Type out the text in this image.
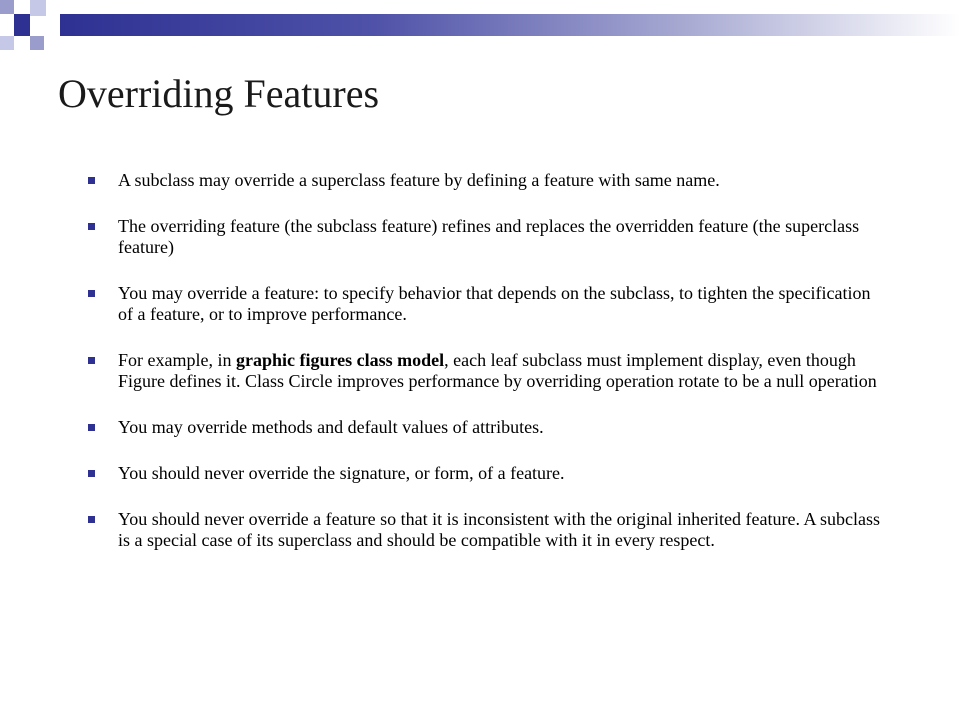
Overriding Features
A subclass may override a superclass feature by defining a feature with same name.
The overriding feature (the subclass feature) refines and replaces the overridden feature (the superclass feature)
You may override a feature: to specify behavior that depends on the subclass, to tighten the specification of a feature, or to improve performance.
For example, in graphic figures class model, each leaf subclass must implement display, even though Figure defines it. Class Circle improves performance by overriding operation rotate to be a null operation
You may override methods and default values of attributes.
You should never override the signature, or form, of a feature.
You should never override a feature so that it is inconsistent with the original inherited feature. A subclass is a special case of its superclass and should be compatible with it in every respect.
